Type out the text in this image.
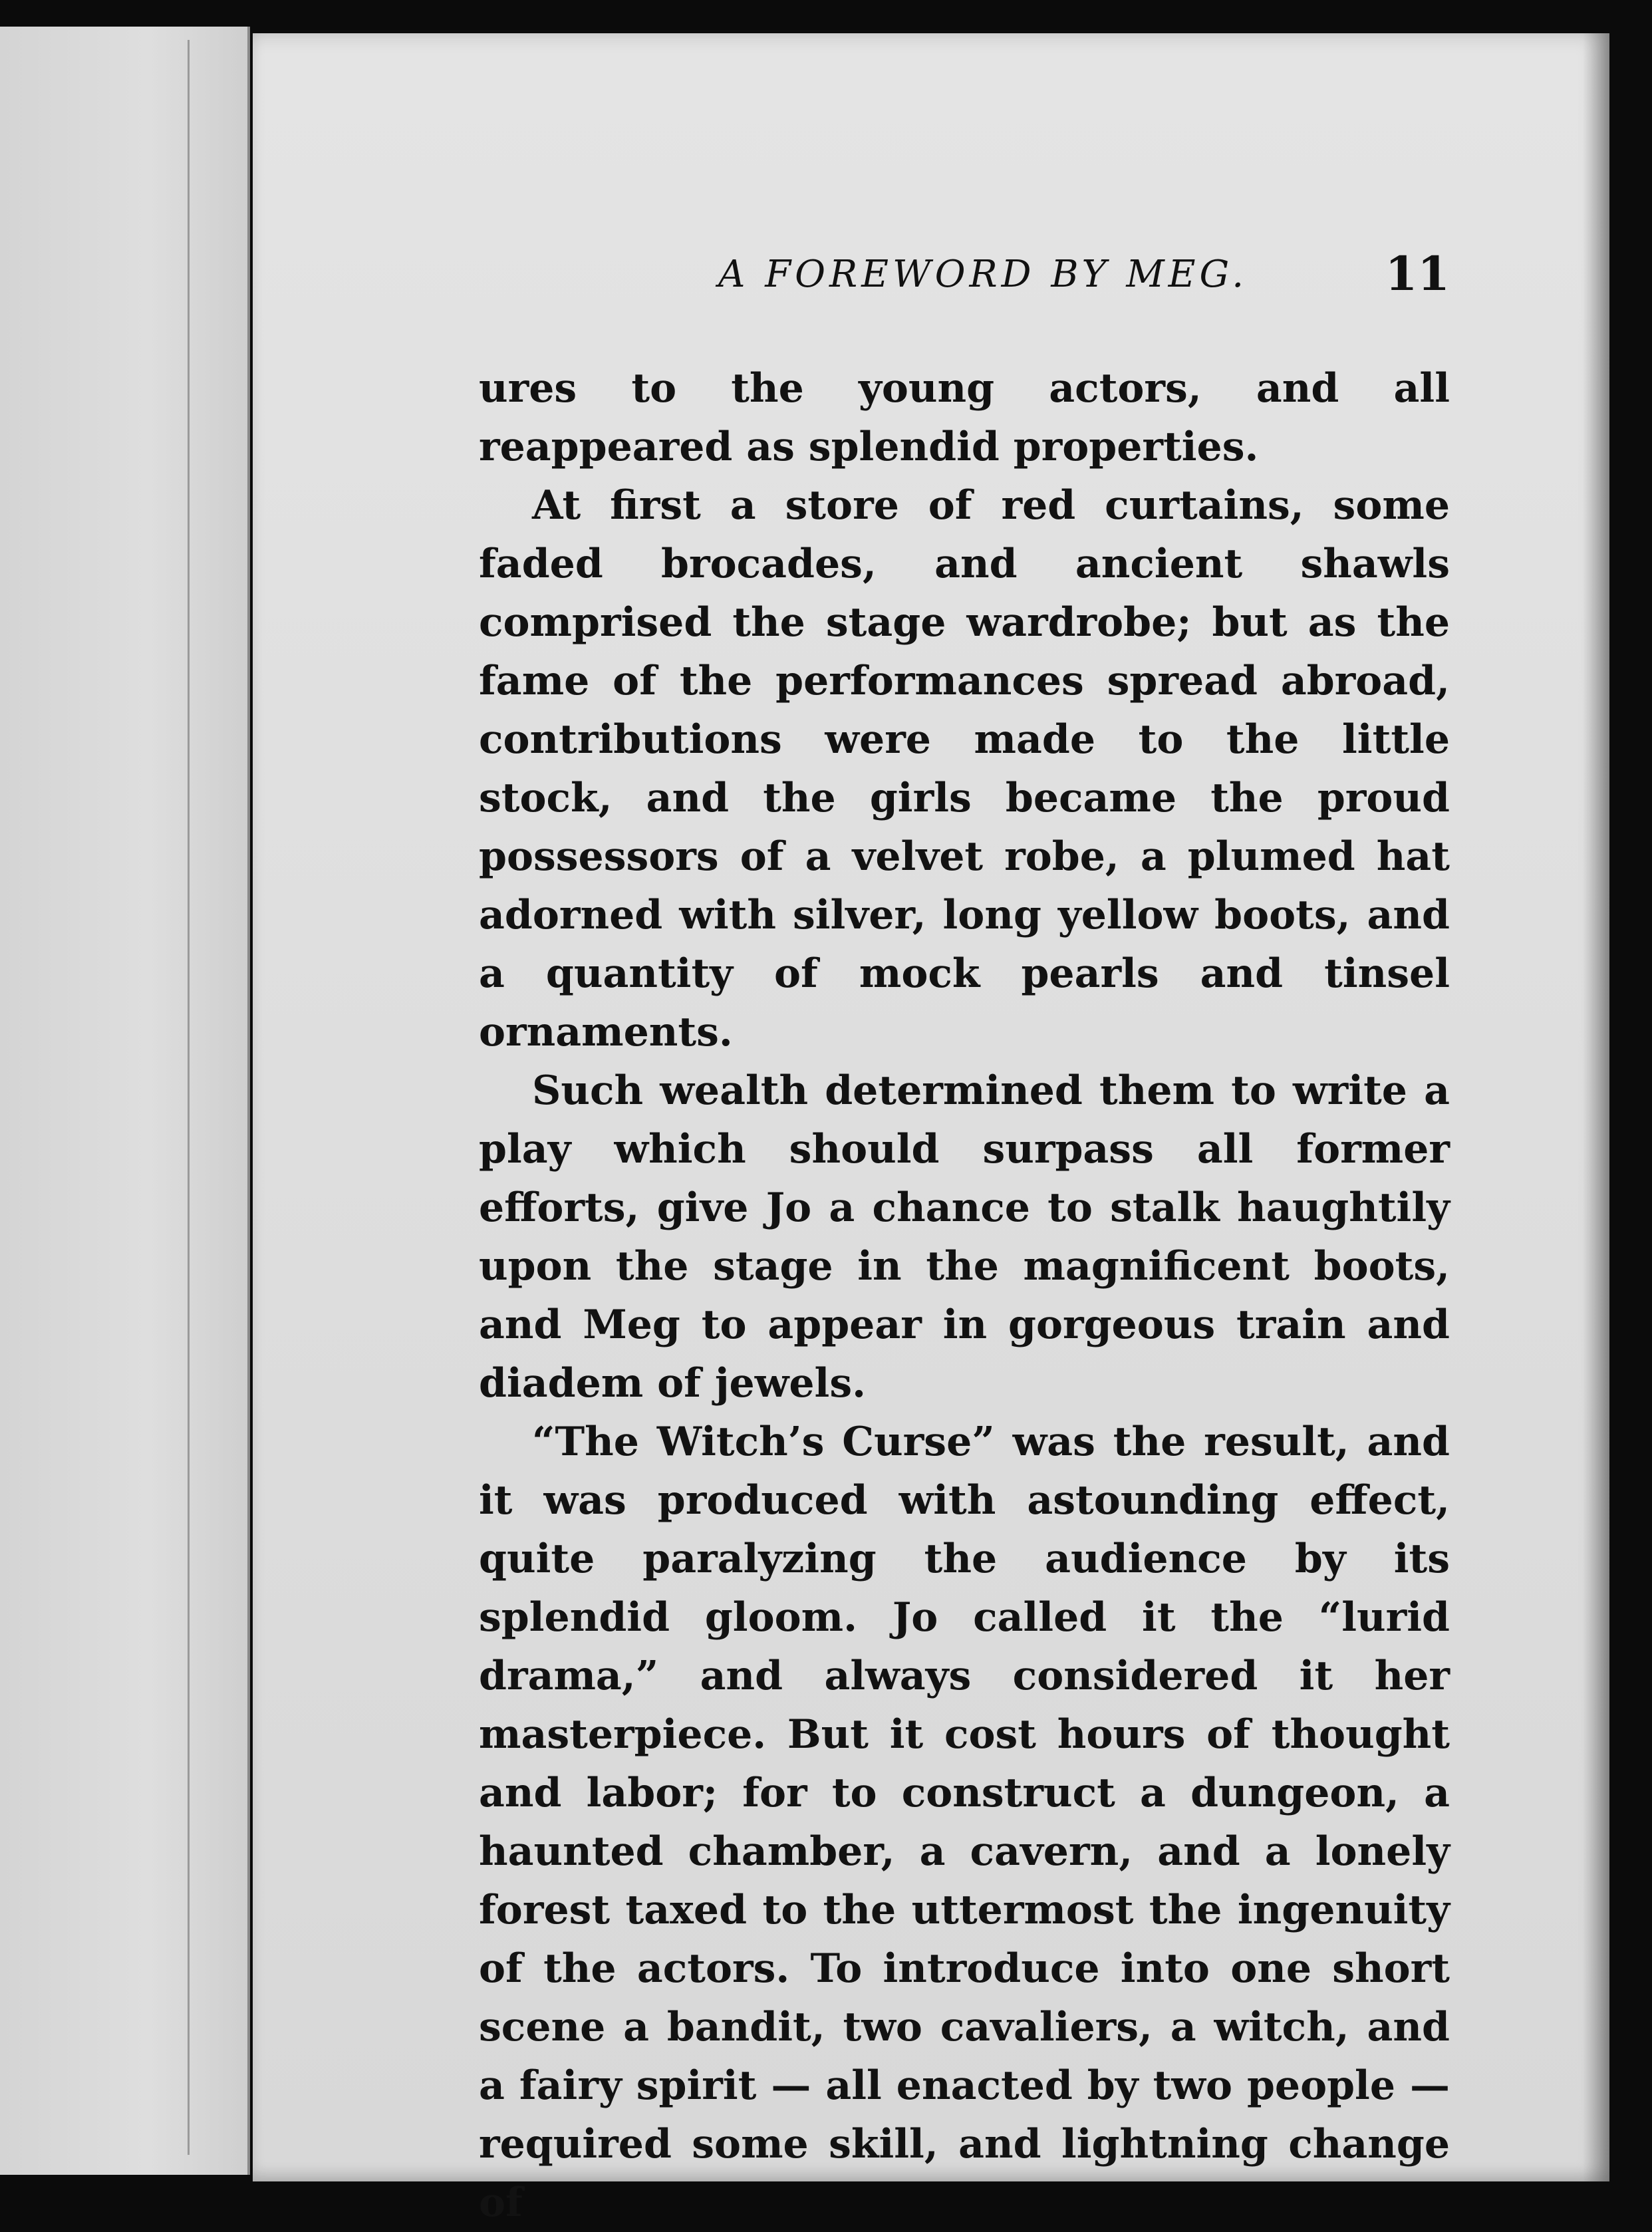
A FOREWORD BY MEG.	11

ures to the young actors, and all reappeared as splendid properties.

At first a store of red curtains, some faded brocades, and ancient shawls comprised the stage wardrobe; but as the fame of the performances spread abroad, contributions were made to the little stock, and the girls became the proud possessors of a velvet robe, a plumed hat adorned with silver, long yellow boots, and a quantity of mock pearls and tinsel ornaments.

Such wealth determined them to write a play which should surpass all former efforts, give Jo a chance to stalk haughtily upon the stage in the magnificent boots, and Meg to appear in gorgeous train and diadem of jewels.

“The Witch’s Curse” was the result, and it was produced with astounding effect, quite paralyzing the audience by its splendid gloom. Jo called it the “lurid drama,” and always considered it her masterpiece. But it cost hours of thought and labor; for to construct a dungeon, a haunted chamber, a cavern, and a lonely forest taxed to the uttermost the ingenuity of the actors. To introduce into one short scene a bandit, two cavaliers, a witch, and a fairy spirit — all enacted by two people — required some skill, and lightning change of
